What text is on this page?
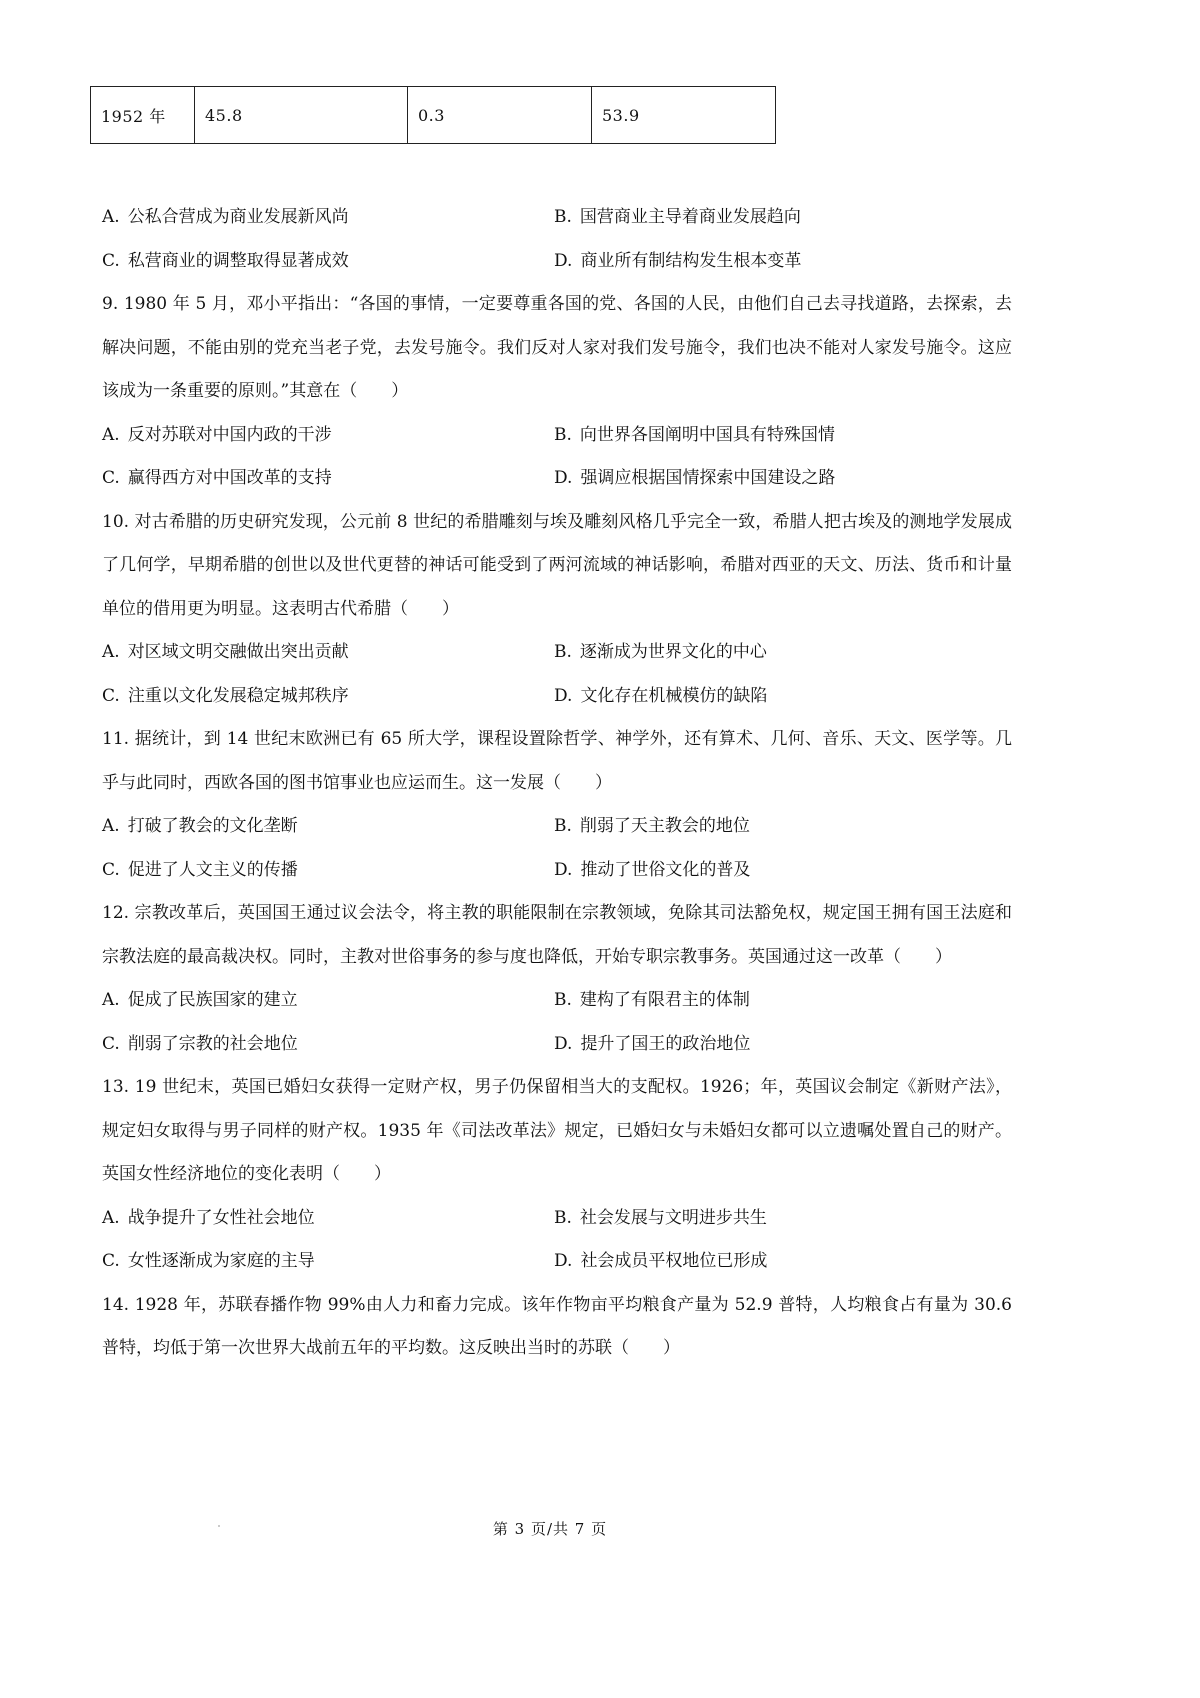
1952 年	45.8	0.3	53.9
A. 公私合营成为商业发展新风尚	B. 国营商业主导着商业发展趋向
C. 私营商业的调整取得显著成效	D. 商业所有制结构发生根本变革
9. 1980 年 5 月，邓小平指出：“各国的事情，一定要尊重各国的党、各国的人民，由他们自己去寻找道路，去探索，去解决问题，不能由别的党充当老子党，去发号施令。我们反对人家对我们发号施令，我们也决不能对人家发号施令。这应该成为一条重要的原则。”其意在（　　）
A. 反对苏联对中国内政的干涉	B. 向世界各国阐明中国具有特殊国情
C. 赢得西方对中国改革的支持	D. 强调应根据国情探索中国建设之路
10. 对古希腊的历史研究发现，公元前 8 世纪的希腊雕刻与埃及雕刻风格几乎完全一致，希腊人把古埃及的测地学发展成了几何学，早期希腊的创世以及世代更替的神话可能受到了两河流域的神话影响，希腊对西亚的天文、历法、货币和计量单位的借用更为明显。这表明古代希腊（　　）
A. 对区域文明交融做出突出贡献	B. 逐渐成为世界文化的中心
C. 注重以文化发展稳定城邦秩序	D. 文化存在机械模仿的缺陷
11. 据统计，到 14 世纪末欧洲已有 65 所大学，课程设置除哲学、神学外，还有算术、几何、音乐、天文、医学等。几乎与此同时，西欧各国的图书馆事业也应运而生。这一发展（　　）
A. 打破了教会的文化垄断	B. 削弱了天主教会的地位
C. 促进了人文主义的传播	D. 推动了世俗文化的普及
12. 宗教改革后，英国国王通过议会法令，将主教的职能限制在宗教领域，免除其司法豁免权，规定国王拥有国王法庭和宗教法庭的最高裁决权。同时，主教对世俗事务的参与度也降低，开始专职宗教事务。英国通过这一改革（　　）
A. 促成了民族国家的建立	B. 建构了有限君主的体制
C. 削弱了宗教的社会地位	D. 提升了国王的政治地位
13. 19 世纪末，英国已婚妇女获得一定财产权，男子仍保留相当大的支配权。1926；年，英国议会制定《新财产法》，规定妇女取得与男子同样的财产权。1935 年《司法改革法》规定，已婚妇女与未婚妇女都可以立遗嘱处置自己的财产。英国女性经济地位的变化表明（　　）
A. 战争提升了女性社会地位	B. 社会发展与文明进步共生
C. 女性逐渐成为家庭的主导	D. 社会成员平权地位已形成
14. 1928 年，苏联春播作物 99%由人力和畜力完成。该年作物亩平均粮食产量为 52.9 普特，人均粮食占有量为 30.6 普特，均低于第一次世界大战前五年的平均数。这反映出当时的苏联（　　）
第 3 页/共 7 页
